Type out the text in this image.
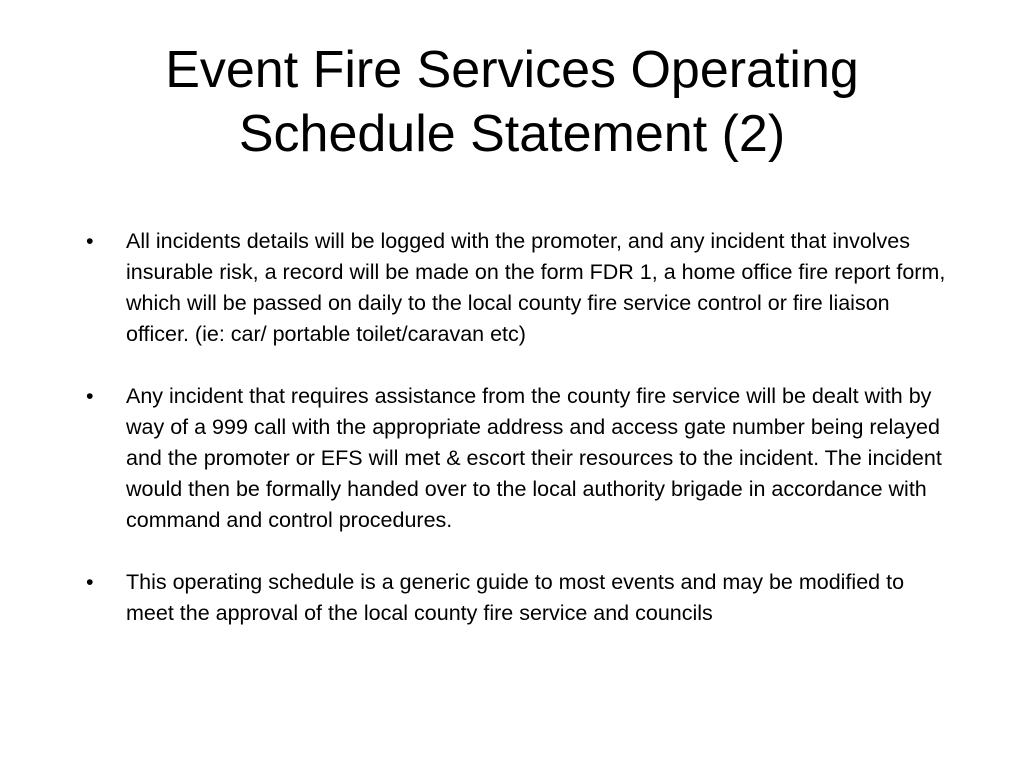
Event Fire Services Operating Schedule Statement (2)
• All incidents details will be logged with the promoter, and any incident that involves insurable risk, a record will be made on the form FDR 1, a home office fire report form, which will be passed on daily to the local county fire service control or fire liaison officer. (ie: car/ portable toilet/caravan etc)
• Any incident that requires assistance from the county fire service will be dealt with by way of a 999 call with the appropriate address and access gate number being relayed and the promoter or EFS will met & escort their resources to the incident. The incident would then be formally handed over to the local authority brigade in accordance with command and control procedures.
• This operating schedule is a generic guide to most events and may be modified to meet the approval of the local county fire service and councils
